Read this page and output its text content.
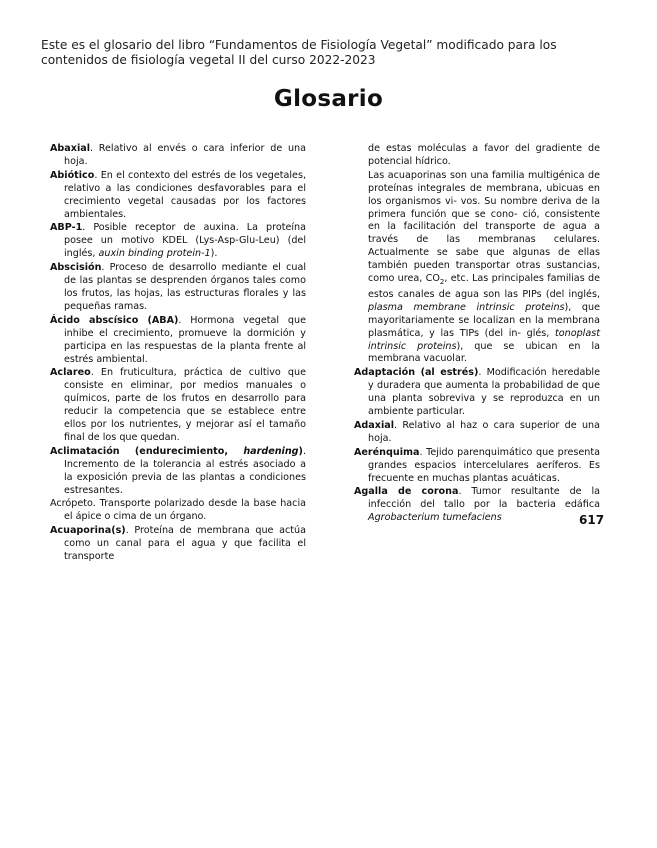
Este es el glosario del libro “Fundamentos de Fisiología Vegetal” modificado para los contenidos de fisiología vegetal II del curso 2022-2023
Glosario

Abaxial. Relativo al envés o cara inferior de una hoja.

Abiótico. En el contexto del estrés de los vegetales, relativo a las condiciones desfavorables para el crecimiento vegetal causadas por los factores ambientales.

ABP-1. Posible receptor de auxina. La proteína posee un motivo KDEL (Lys-Asp-Glu-Leu) (del inglés, auxin binding protein-1).

Abscisión. Proceso de desarrollo mediante el cual de las plantas se desprenden órganos tales como los frutos, las hojas, las estructuras florales y las pequeñas ramas.

Ácido abscísico (ABA). Hormona vegetal que inhibe el crecimiento, promueve la dormición y participa en las respuestas de la planta frente al estrés ambiental.

Aclareo. En fruticultura, práctica de cultivo que consiste en eliminar, por medios manuales o químicos, parte de los frutos en desarrollo para reducir la competencia que se establece entre ellos por los nutrientes, y mejorar así el tamaño final de los que quedan.

Aclimatación (endurecimiento, hardening). Incremento de la tolerancia al estrés asociado a la exposición previa de las plantas a condiciones estresantes.

Acrópeto. Transporte polarizado desde la base hacia el ápice o cima de un órgano.

Acuaporina(s). Proteína de membrana que actúa como un canal para el agua y que facilita el transporte

de estas moléculas a favor del gradiente de potencial hídrico.

Las acuaporinas son una familia multigénica de proteínas integrales de membrana, ubicuas en los organismos vi- vos. Su nombre deriva de la primera función que se cono- ció, consistente en la facilitación del transporte de agua a través de las membranas celulares. Actualmente se sabe que algunas de ellas también pueden transportar otras sustancias, como urea, $CO_2$, etc. Las principales familias de estos canales de agua son las PIPs (del inglés, plasma membrane intrinsic proteins), que mayoritariamente se localizan en la membrana plasmática, y las TIPs (del in- glés, tonoplast intrinsic proteins), que se ubican en la membrana vacuolar.

Adaptación (al estrés). Modificación heredable y duradera que aumenta la probabilidad de que una planta sobreviva y se reproduzca en un ambiente particular.

Adaxial. Relativo al haz o cara superior de una hoja.

Aerénquima. Tejido parenquimático que presenta grandes espacios intercelulares aeríferos. Es frecuente en muchas plantas acuáticas.

Agalla de corona. Tumor resultante de la infección del tallo por la bacteria edáfica Agrobacterium tumefaciens	617
